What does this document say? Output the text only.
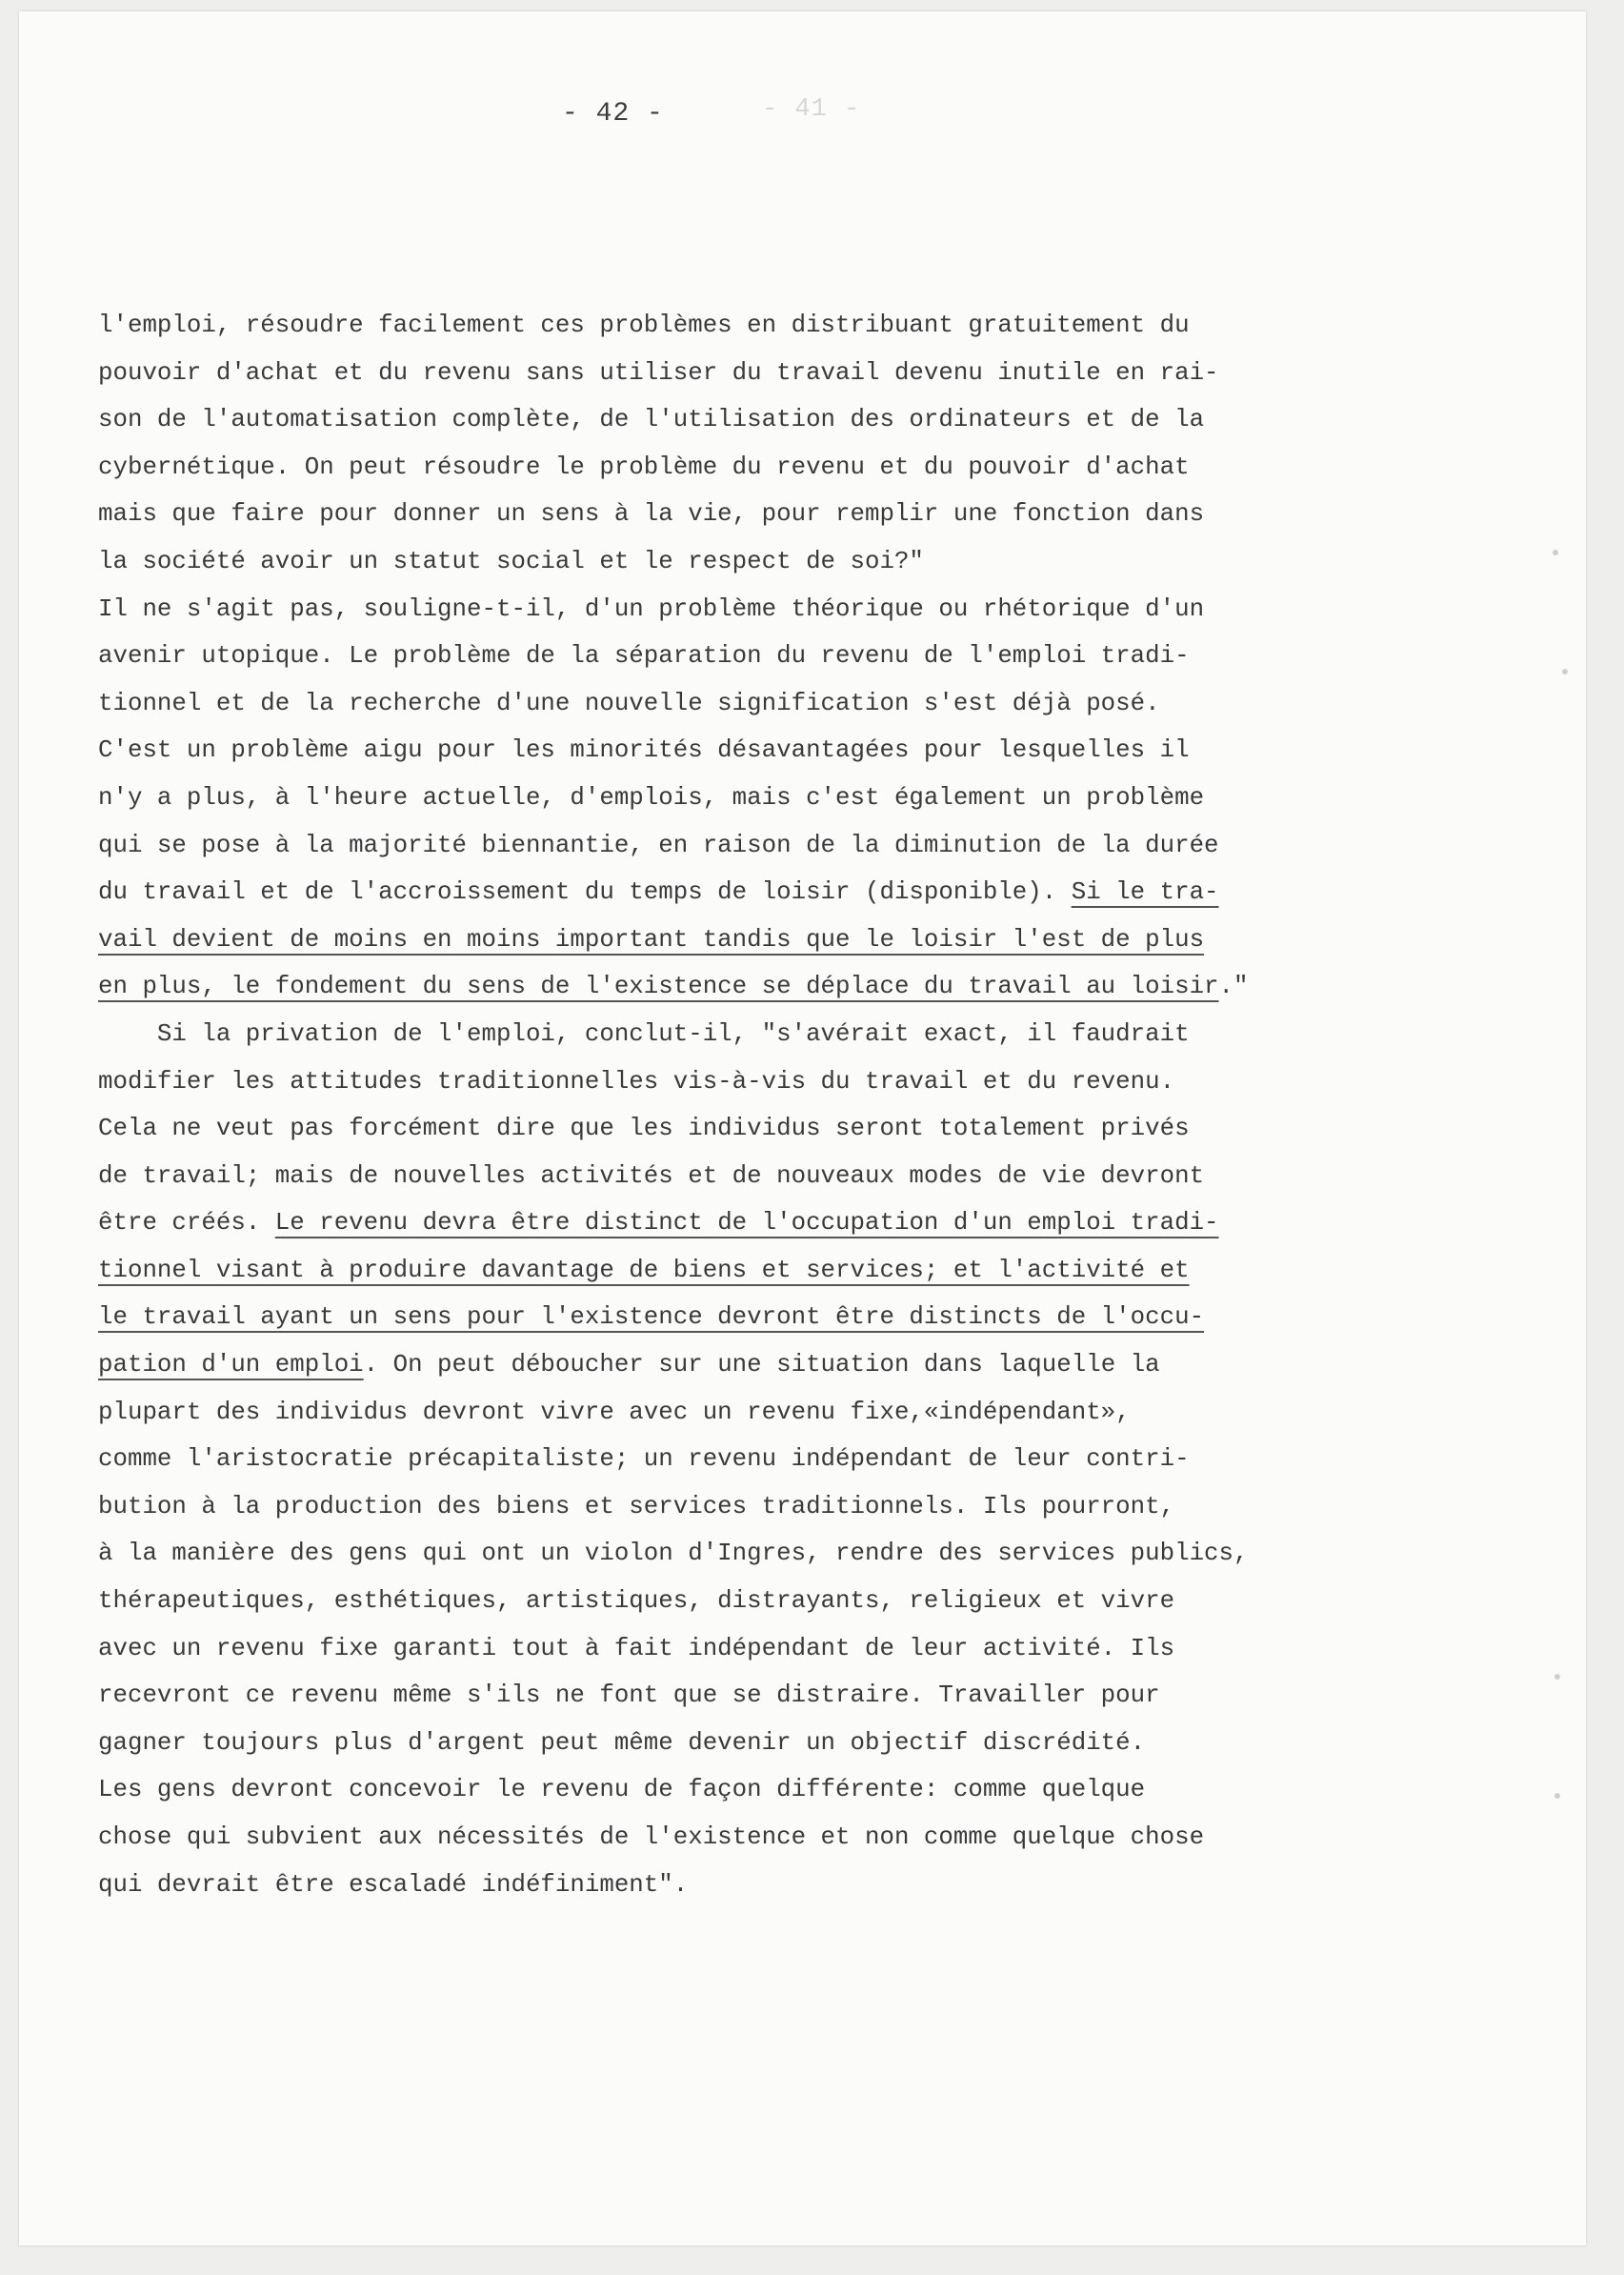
- 41 -
- 42 -
l'emploi, résoudre facilement ces problèmes en distribuant gratuitement du
pouvoir d'achat et du revenu sans utiliser du travail devenu inutile en rai-
son de l'automatisation complète, de l'utilisation des ordinateurs et de la
cybernétique. On peut résoudre le problème du revenu et du pouvoir d'achat
mais que faire pour donner un sens à la vie, pour remplir une fonction dans
la société avoir un statut social et le respect de soi?"
Il ne s'agit pas, souligne-t-il, d'un problème théorique ou rhétorique d'un
avenir utopique. Le problème de la séparation du revenu de l'emploi tradi-
tionnel et de la recherche d'une nouvelle signification s'est déjà posé.
C'est un problème aigu pour les minorités désavantagées pour lesquelles il
n'y a plus, à l'heure actuelle, d'emplois, mais c'est également un problème
qui se pose à la majorité biennantie, en raison de la diminution de la durée
du travail et de l'accroissement du temps de loisir (disponible). Si le tra-
vail devient de moins en moins important tandis que le loisir l'est de plus
en plus, le fondement du sens de l'existence se déplace du travail au loisir."
Si la privation de l'emploi, conclut-il, "s'avérait exact, il faudrait
modifier les attitudes traditionnelles vis-à-vis du travail et du revenu.
Cela ne veut pas forcément dire que les individus seront totalement privés
de travail; mais de nouvelles activités et de nouveaux modes de vie devront
être créés. Le revenu devra être distinct de l'occupation d'un emploi tradi-
tionnel visant à produire davantage de biens et services; et l'activité et
le travail ayant un sens pour l'existence devront être distincts de l'occu-
pation d'un emploi. On peut déboucher sur une situation dans laquelle la
plupart des individus devront vivre avec un revenu fixe,«indépendant»,
comme l'aristocratie précapitaliste; un revenu indépendant de leur contri-
bution à la production des biens et services traditionnels. Ils pourront,
à la manière des gens qui ont un violon d'Ingres, rendre des services publics,
thérapeutiques, esthétiques, artistiques, distrayants, religieux et vivre
avec un revenu fixe garanti tout à fait indépendant de leur activité. Ils
recevront ce revenu même s'ils ne font que se distraire. Travailler pour
gagner toujours plus d'argent peut même devenir un objectif discrédité.
Les gens devront concevoir le revenu de façon différente: comme quelque
chose qui subvient aux nécessités de l'existence et non comme quelque chose
qui devrait être escaladé indéfiniment".
